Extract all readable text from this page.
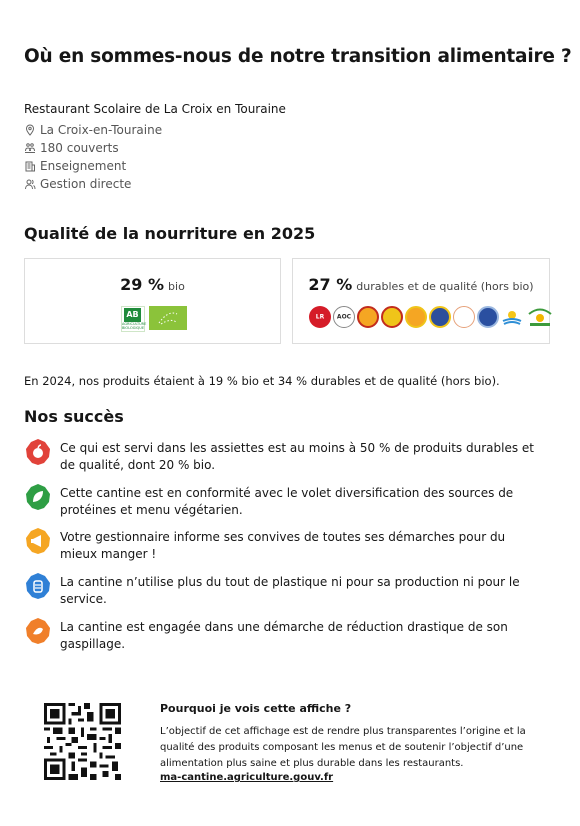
Où en sommes-nous de notre transition alimentaire ?
Restaurant Scolaire de La Croix en Touraine
La Croix-en-Touraine
180 couverts
Enseignement
Gestion directe
Qualité de la nourriture en 2025
29 % bio
AB
AGRICULTURE BIOLOGIQUE
27 % durables et de qualité (hors bio)
LR AOC
En 2024, nos produits étaient à 19 % bio et 34 % durables et de qualité (hors bio).
Nos succès
Ce qui est servi dans les assiettes est au moins à 50 % de produits durables et de qualité, dont 20 % bio.
Cette cantine est en conformité avec le volet diversification des sources de protéines et menu végétarien.
Votre gestionnaire informe ses convives de toutes ses démarches pour du mieux manger !
La cantine n’utilise plus du tout de plastique ni pour sa production ni pour le service.
La cantine est engagée dans une démarche de réduction drastique de son gaspillage.
Pourquoi je vois cette affiche ?
L’objectif de cet affichage est de rendre plus transparentes l’origine et la qualité des produits composant les menus et de soutenir l’objectif d’une alimentation plus saine et plus durable dans les restaurants.
ma-cantine.agriculture.gouv.fr
